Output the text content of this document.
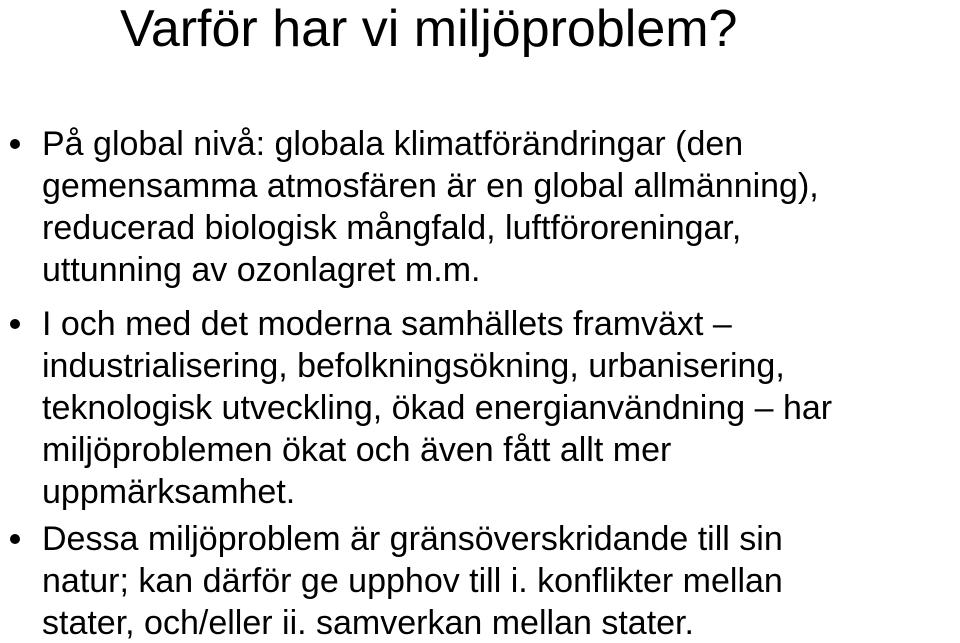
Varför har vi miljöproblem?
På global nivå: globala klimatförändringar (den
gemensamma atmosfären är en global allmänning),
reducerad biologisk mångfald, luftföroreningar,
uttunning av ozonlagret m.m.
I och med det moderna samhällets framväxt –
industrialisering, befolkningsökning, urbanisering,
teknologisk utveckling, ökad energianvändning – har
miljöproblemen ökat och även fått allt mer
uppmärksamhet.
Dessa miljöproblem är gränsöverskridande till sin
natur; kan därför ge upphov till i. konflikter mellan
stater, och/eller ii. samverkan mellan stater.
